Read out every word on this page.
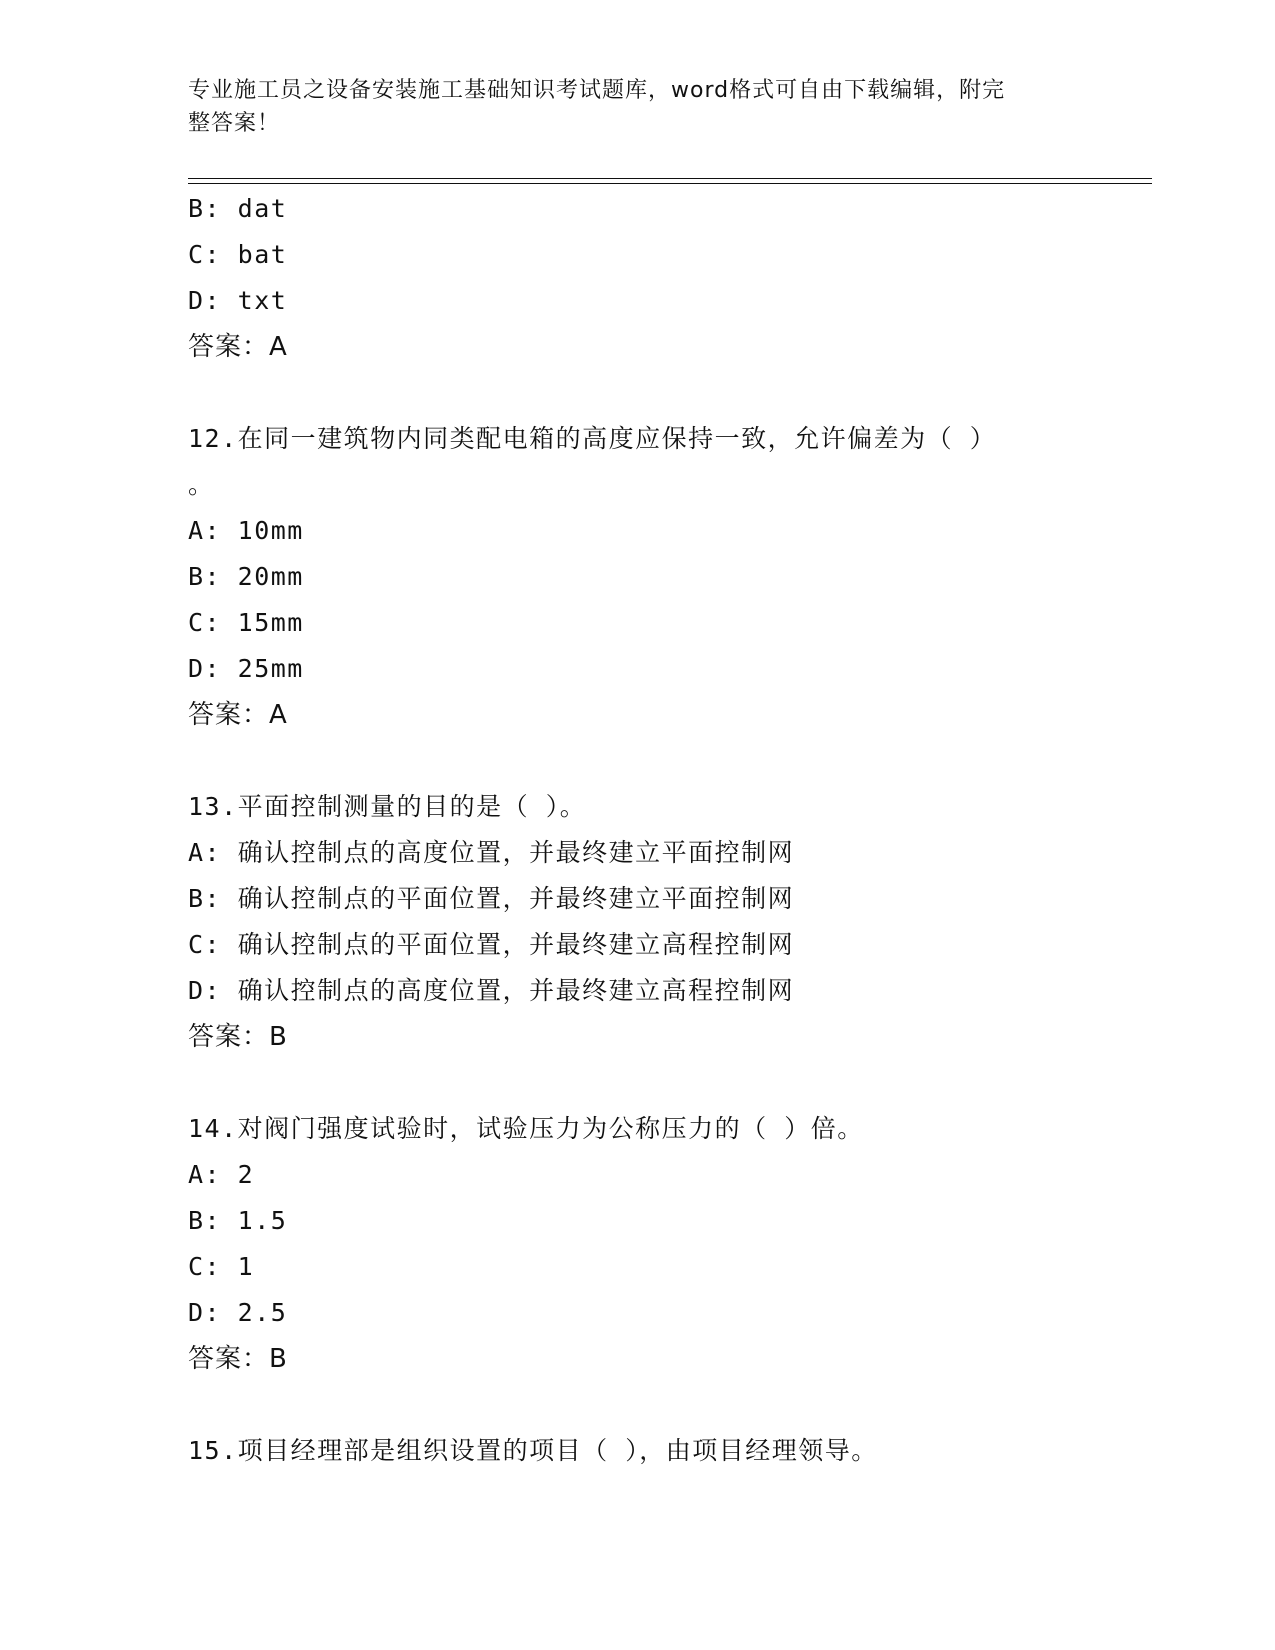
专业施工员之设备安装施工基础知识考试题库，word格式可自由下载编辑，附完
整答案！
B: dat
C: bat
D: txt
答案：A
12.在同一建筑物内同类配电箱的高度应保持一致，允许偏差为（ ）
。
A: 10mm
B: 20mm
C: 15mm
D: 25mm
答案：A
13.平面控制测量的目的是（ ）。
A: 确认控制点的高度位置，并最终建立平面控制网
B: 确认控制点的平面位置，并最终建立平面控制网
C: 确认控制点的平面位置，并最终建立高程控制网
D: 确认控制点的高度位置，并最终建立高程控制网
答案：B
14.对阀门强度试验时，试验压力为公称压力的（ ）倍。
A: 2
B: 1.5
C: 1
D: 2.5
答案：B
15.项目经理部是组织设置的项目（ ），由项目经理领导。
